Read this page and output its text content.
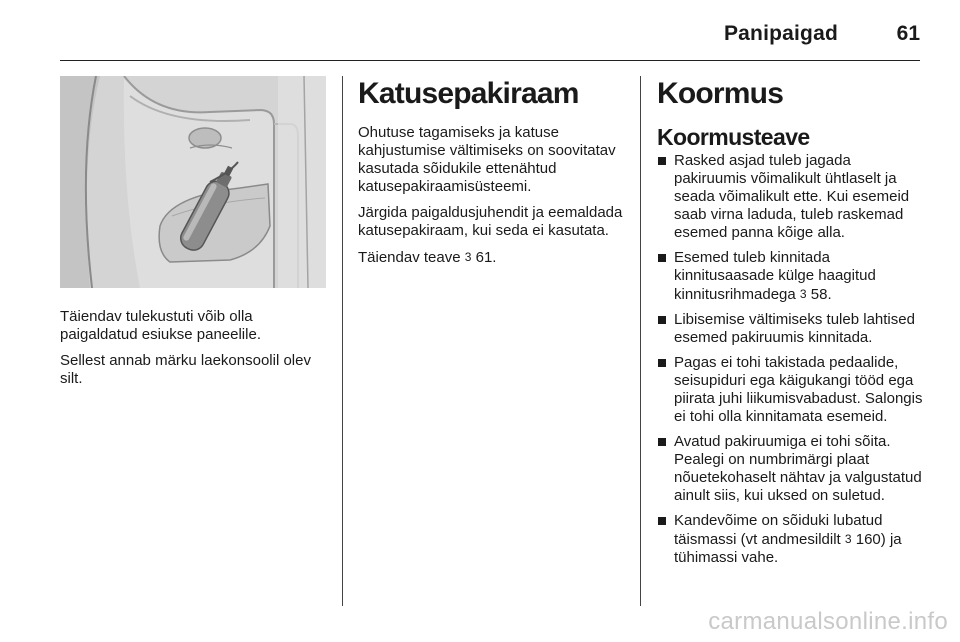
Panipaigad	61

Täiendav tulekustuti võib olla paigaldatud esiukse paneelile.

Sellest annab märku laekonsoolil olev silt.

Katusepakiraam

Ohutuse tagamiseks ja katuse kahjustumise vältimiseks on soovitatav kasutada sõidukile ettenähtud katusepakiraamisüsteemi.

Järgida paigaldusjuhendit ja eemaldada katusepakiraam, kui seda ei kasutata.

Täiendav teave 3 61.

Koormus
Koormusteave
Rasked asjad tuleb jagada pakiruumis võimalikult ühtlaselt ja seada võimalikult ette. Kui esemeid saab virna laduda, tuleb raskemad esemed panna kõige alla.
Esemed tuleb kinnitada kinnitusaasade külge haagitud kinnitusrihmadega 3 58.
Libisemise vältimiseks tuleb lahtised esemed pakiruumis kinnitada.
Pagas ei tohi takistada pedaalide, seisupiduri ega käigukangi tööd ega piirata juhi liikumisvabadust. Salongis ei tohi olla kinnitamata esemeid.
Avatud pakiruumiga ei tohi sõita. Pealegi on numbrimärgi plaat nõuetekohaselt nähtav ja valgustatud ainult siis, kui uksed on suletud.
Kandevõime on sõiduki lubatud täismassi (vt andmesildilt 3 160) ja tühimassi vahe.
carmanualsonline.info
